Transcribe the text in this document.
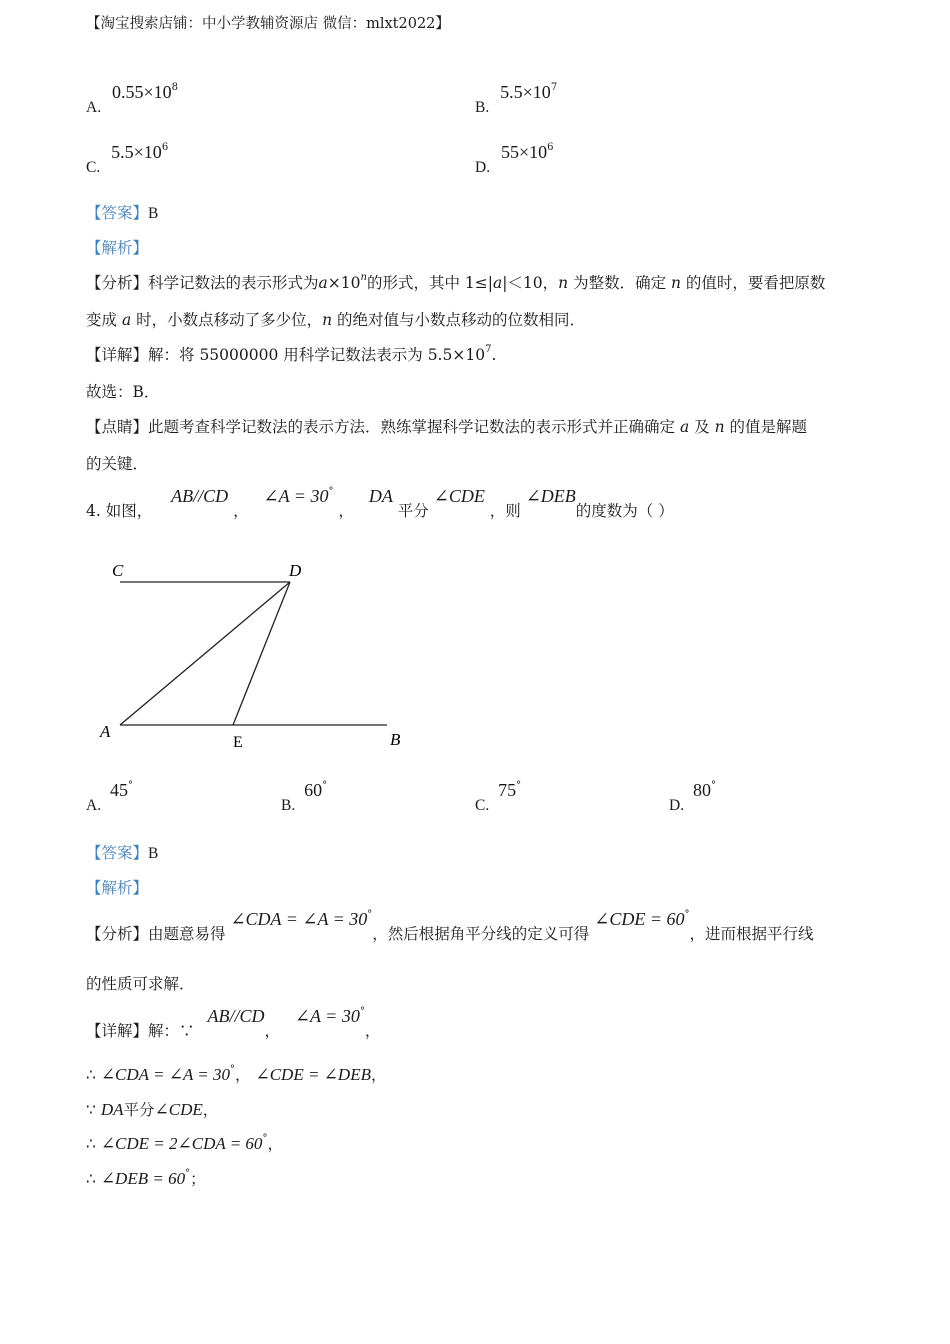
【淘宝搜索店铺：中小学教辅资源店 微信：mlxt2022】
A. $0.55\times 10^8$
B. $5.5\times 10^7$
C. $5.5\times 10^6$
D. $55\times 10^6$
【答案】B
【解析】
【分析】科学记数法的表示形式为$a\times 10^n$的形式，其中 1≤|a|＜10，n 为整数．确定 n 的值时，要看把原数
变成 a 时，小数点移动了多少位，n 的绝对值与小数点移动的位数相同．
【详解】解：将 55000000 用科学记数法表示为 $5.5\times 10^7$.
故选：B．
【点睛】此题考查科学记数法的表示方法．熟练掌握科学记数法的表示形式并正确确定 a 及 n 的值是解题
的关键．
4. 如图， AB//CD ， ∠A = 30° ， DA 平分 ∠CDE ，则 ∠DEB的度数为（ ）
C	D
A
E	B
A. 45°
B. 60°
C. 75°
D. 80°
【答案】B
【解析】
【分析】由题意易得 ∠CDA = ∠A = 30°，然后根据角平分线的定义可得 ∠CDE = 60°，进而根据平行线
的性质可求解．
【详解】解：∵ AB//CD， ∠A = 30°，
∴ ∠CDA = ∠A = 30°， ∠CDE = ∠DEB，
∵ DA平分∠CDE，
∴ ∠CDE = 2∠CDA = 60°，
∴ ∠DEB = 60°；
